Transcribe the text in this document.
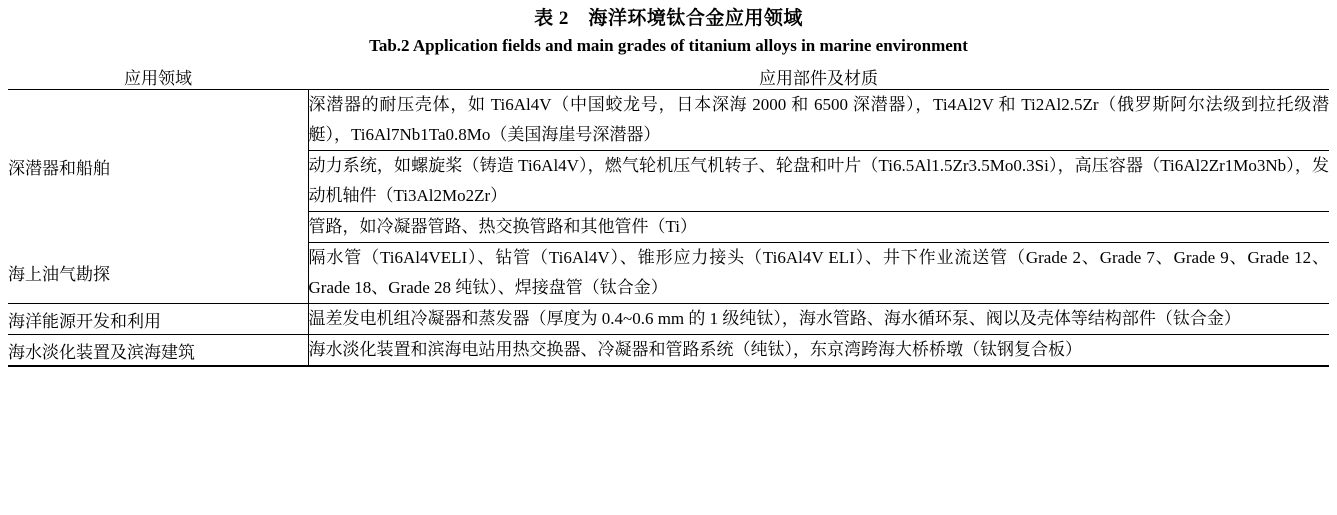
表 2　海洋环境钛合金应用领域
Tab.2 Application fields and main grades of titanium alloys in marine environment
应用领域	应用部件及材质
深潜器和船舶	深潜器的耐压壳体，如 Ti6Al4V（中国蛟龙号，日本深海 2000 和 6500 深潜器），Ti4Al2V 和 Ti2Al2.5Zr（俄罗斯阿尔法级到拉托级潜艇），Ti6Al7Nb1Ta0.8Mo（美国海崖号深潜器）
	动力系统，如螺旋桨（铸造 Ti6Al4V），燃气轮机压气机转子、轮盘和叶片（Ti6.5Al1.5Zr3.5Mo0.3Si），高压容器（Ti6Al2Zr1Mo3Nb），发动机轴件（Ti3Al2Mo2Zr）
	管路，如冷凝器管路、热交换管路和其他管件（Ti）
海上油气勘探	隔水管（Ti6Al4VELI）、钻管（Ti6Al4V）、锥形应力接头（Ti6Al4V ELI）、井下作业流送管（Grade 2、Grade 7、Grade 9、Grade 12、Grade 18、Grade 28 纯钛）、焊接盘管（钛合金）
海洋能源开发和利用	温差发电机组冷凝器和蒸发器（厚度为 0.4~0.6 mm 的 1 级纯钛），海水管路、海水循环泵、阀以及壳体等结构部件（钛合金）
海水淡化装置及滨海建筑	海水淡化装置和滨海电站用热交换器、冷凝器和管路系统（纯钛），东京湾跨海大桥桥墩（钛钢复合板）
